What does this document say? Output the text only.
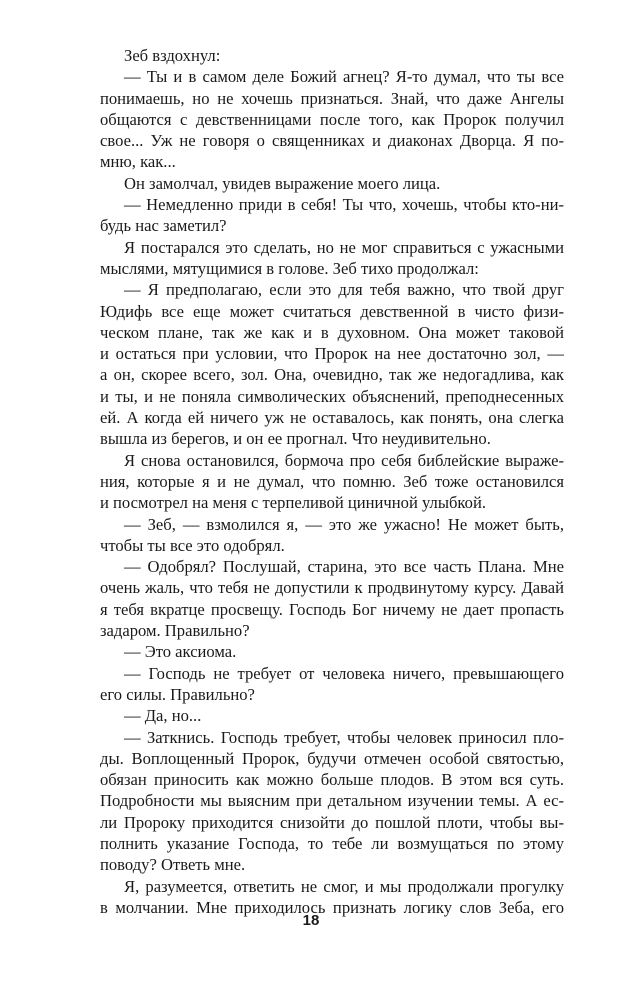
Зеб вздохнул:
— Ты и в самом деле Божий агнец? Я-то думал, что ты все
понимаешь, но не хочешь признаться. Знай, что даже Ангелы
общаются с девственницами после того, как Пророк получил
свое... Уж не говоря о священниках и диаконах Дворца. Я по-
мню, как...
Он замолчал, увидев выражение моего лица.
— Немедленно приди в себя! Ты что, хочешь, чтобы кто-ни-
будь нас заметил?
Я постарался это сделать, но не мог справиться с ужасными
мыслями, мятущимися в голове. Зеб тихо продолжал:
— Я предполагаю, если это для тебя важно, что твой друг
Юдифь все еще может считаться девственной в чисто физи-
ческом плане, так же как и в духовном. Она может таковой
и остаться при условии, что Пророк на нее достаточно зол, —
а он, скорее всего, зол. Она, очевидно, так же недогадлива, как
и ты, и не поняла символических объяснений, преподнесенных
ей. А когда ей ничего уж не оставалось, как понять, она слегка
вышла из берегов, и он ее прогнал. Что неудивительно.
Я снова остановился, бормоча про себя библейские выраже-
ния, которые я и не думал, что помню. Зеб тоже остановился
и посмотрел на меня с терпеливой циничной улыбкой.
— Зеб, — взмолился я, — это же ужасно! Не может быть,
чтобы ты все это одобрял.
— Одобрял? Послушай, старина, это все часть Плана. Мне
очень жаль, что тебя не допустили к продвинутому курсу. Давай
я тебя вкратце просвещу. Господь Бог ничему не дает пропасть
задаром. Правильно?
— Это аксиома.
— Господь не требует от человека ничего, превышающего
его силы. Правильно?
— Да, но...
— Заткнись. Господь требует, чтобы человек приносил пло-
ды. Воплощенный Пророк, будучи отмечен особой святостью,
обязан приносить как можно больше плодов. В этом вся суть.
Подробности мы выясним при детальном изучении темы. А ес-
ли Пророку приходится снизойти до пошлой плоти, чтобы вы-
полнить указание Господа, то тебе ли возмущаться по этому
поводу? Ответь мне.
Я, разумеется, ответить не смог, и мы продолжали прогулку
в молчании. Мне приходилось признать логику слов Зеба, его
18
